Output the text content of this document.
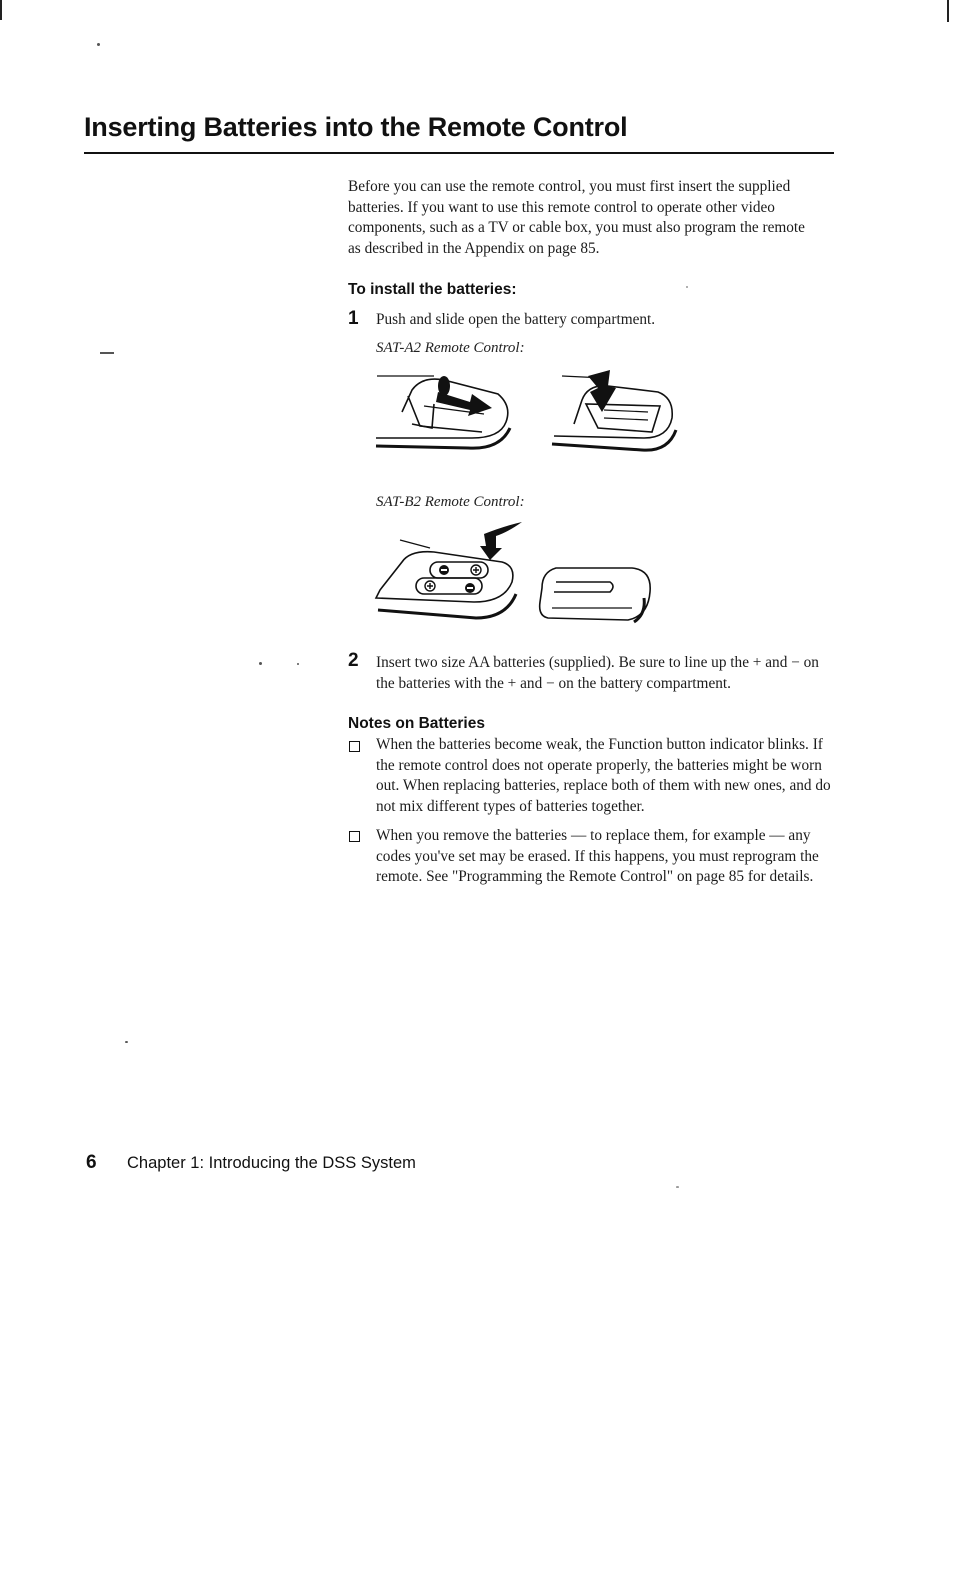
Inserting Batteries into the Remote Control

Before you can use the remote control, you must first insert the supplied batteries. If you want to use this remote control to operate other video components, such as a TV or cable box, you must also program the remote as described in the Appendix on page 85.

To install the batteries:
1 Push and slide open the battery compartment.

SAT-A2 Remote Control:

SAT-B2 Remote Control:

2 Insert two size AA batteries (supplied). Be sure to line up the + and − on the batteries with the + and − on the battery compartment.

Notes on Batteries

When the batteries become weak, the Function button indicator blinks. If the remote control does not operate properly, the batteries might be worn out. When replacing batteries, replace both of them with new ones, and do not mix different types of batteries together.

When you remove the batteries — to replace them, for example — any codes you've set may be erased. If this happens, you must reprogram the remote. See "Programming the Remote Control" on page 85 for details.

6 Chapter 1: Introducing the DSS System
